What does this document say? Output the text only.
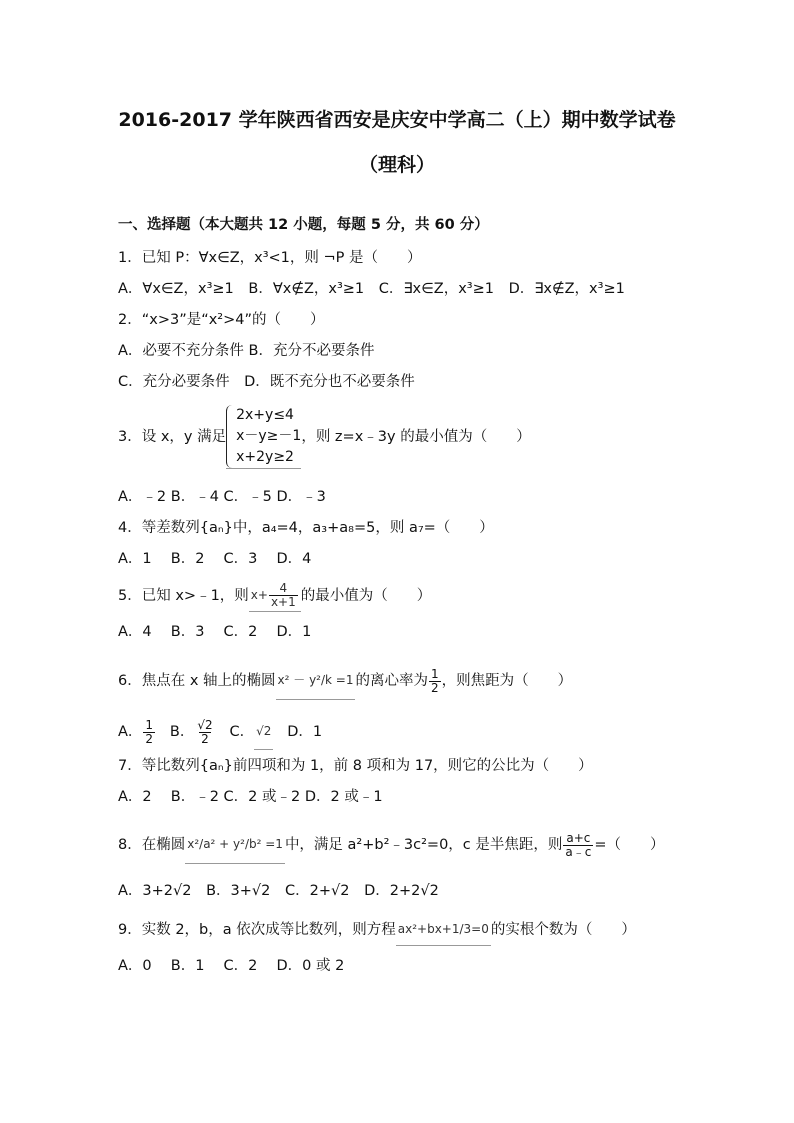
2016-2017 学年陕西省西安是庆安中学高二（上）期中数学试卷
（理科）
一、选择题（本大题共 12 小题，每题 5 分，共 60 分）
1．已知 P：∀x∈Z，x³<1，则 ¬P 是（　　）
A．∀x∈Z，x³≥1 B．∀x∉Z，x³≥1 C．∃x∈Z，x³≥1 D．∃x∉Z，x³≥1
2．“x>3”是“x²>4”的（　　）
A．必要不充分条件 B．充分不必要条件
C．充分必要条件　D．既不充分也不必要条件
3．设 x，y 满足
2x+y≤4
x－y≥－1
x+2y≥2
，则 z=x﹣3y 的最小值为（　　）
A．﹣2 B．﹣4 C．﹣5 D．﹣3
4．等差数列{aₙ}中，a₄=4，a₃+a₈=5，则 a₇=（　　）
A．1　 B．2　 C．3　 D．4
5．已知 x>﹣1，则 $x+ \frac{4}{x+1}$ 的最小值为（　　）
A．4　 B．3　 C．2　 D．1
6．焦点在 x 轴上的椭圆 x² － y²/k =1 的离心率为 $\frac{1}{2}$ ，则焦距为（　　）
A． $\frac{1}{2}$ B． $\frac{√2}{2}$ C． √2 D．1
7．等比数列{aₙ}前四项和为 1，前 8 项和为 17，则它的公比为（　　）
A．2　 B．﹣2 C．2 或﹣2 D．2 或﹣1
8．在椭圆 x²/a² + y²/b² =1 中，满足 a²+b²﹣3c²=0，c 是半焦距，则 $\frac{a+c}{a﹣c}$ =（　　）
A．3+2√2 B．3+√2 C．2+√2 D．2+2√2
9．实数 2，b，a 依次成等比数列，则方程 ax²+bx+1/3=0 的实根个数为（　　）
A．0　 B．1　 C．2　 D．0 或 2
